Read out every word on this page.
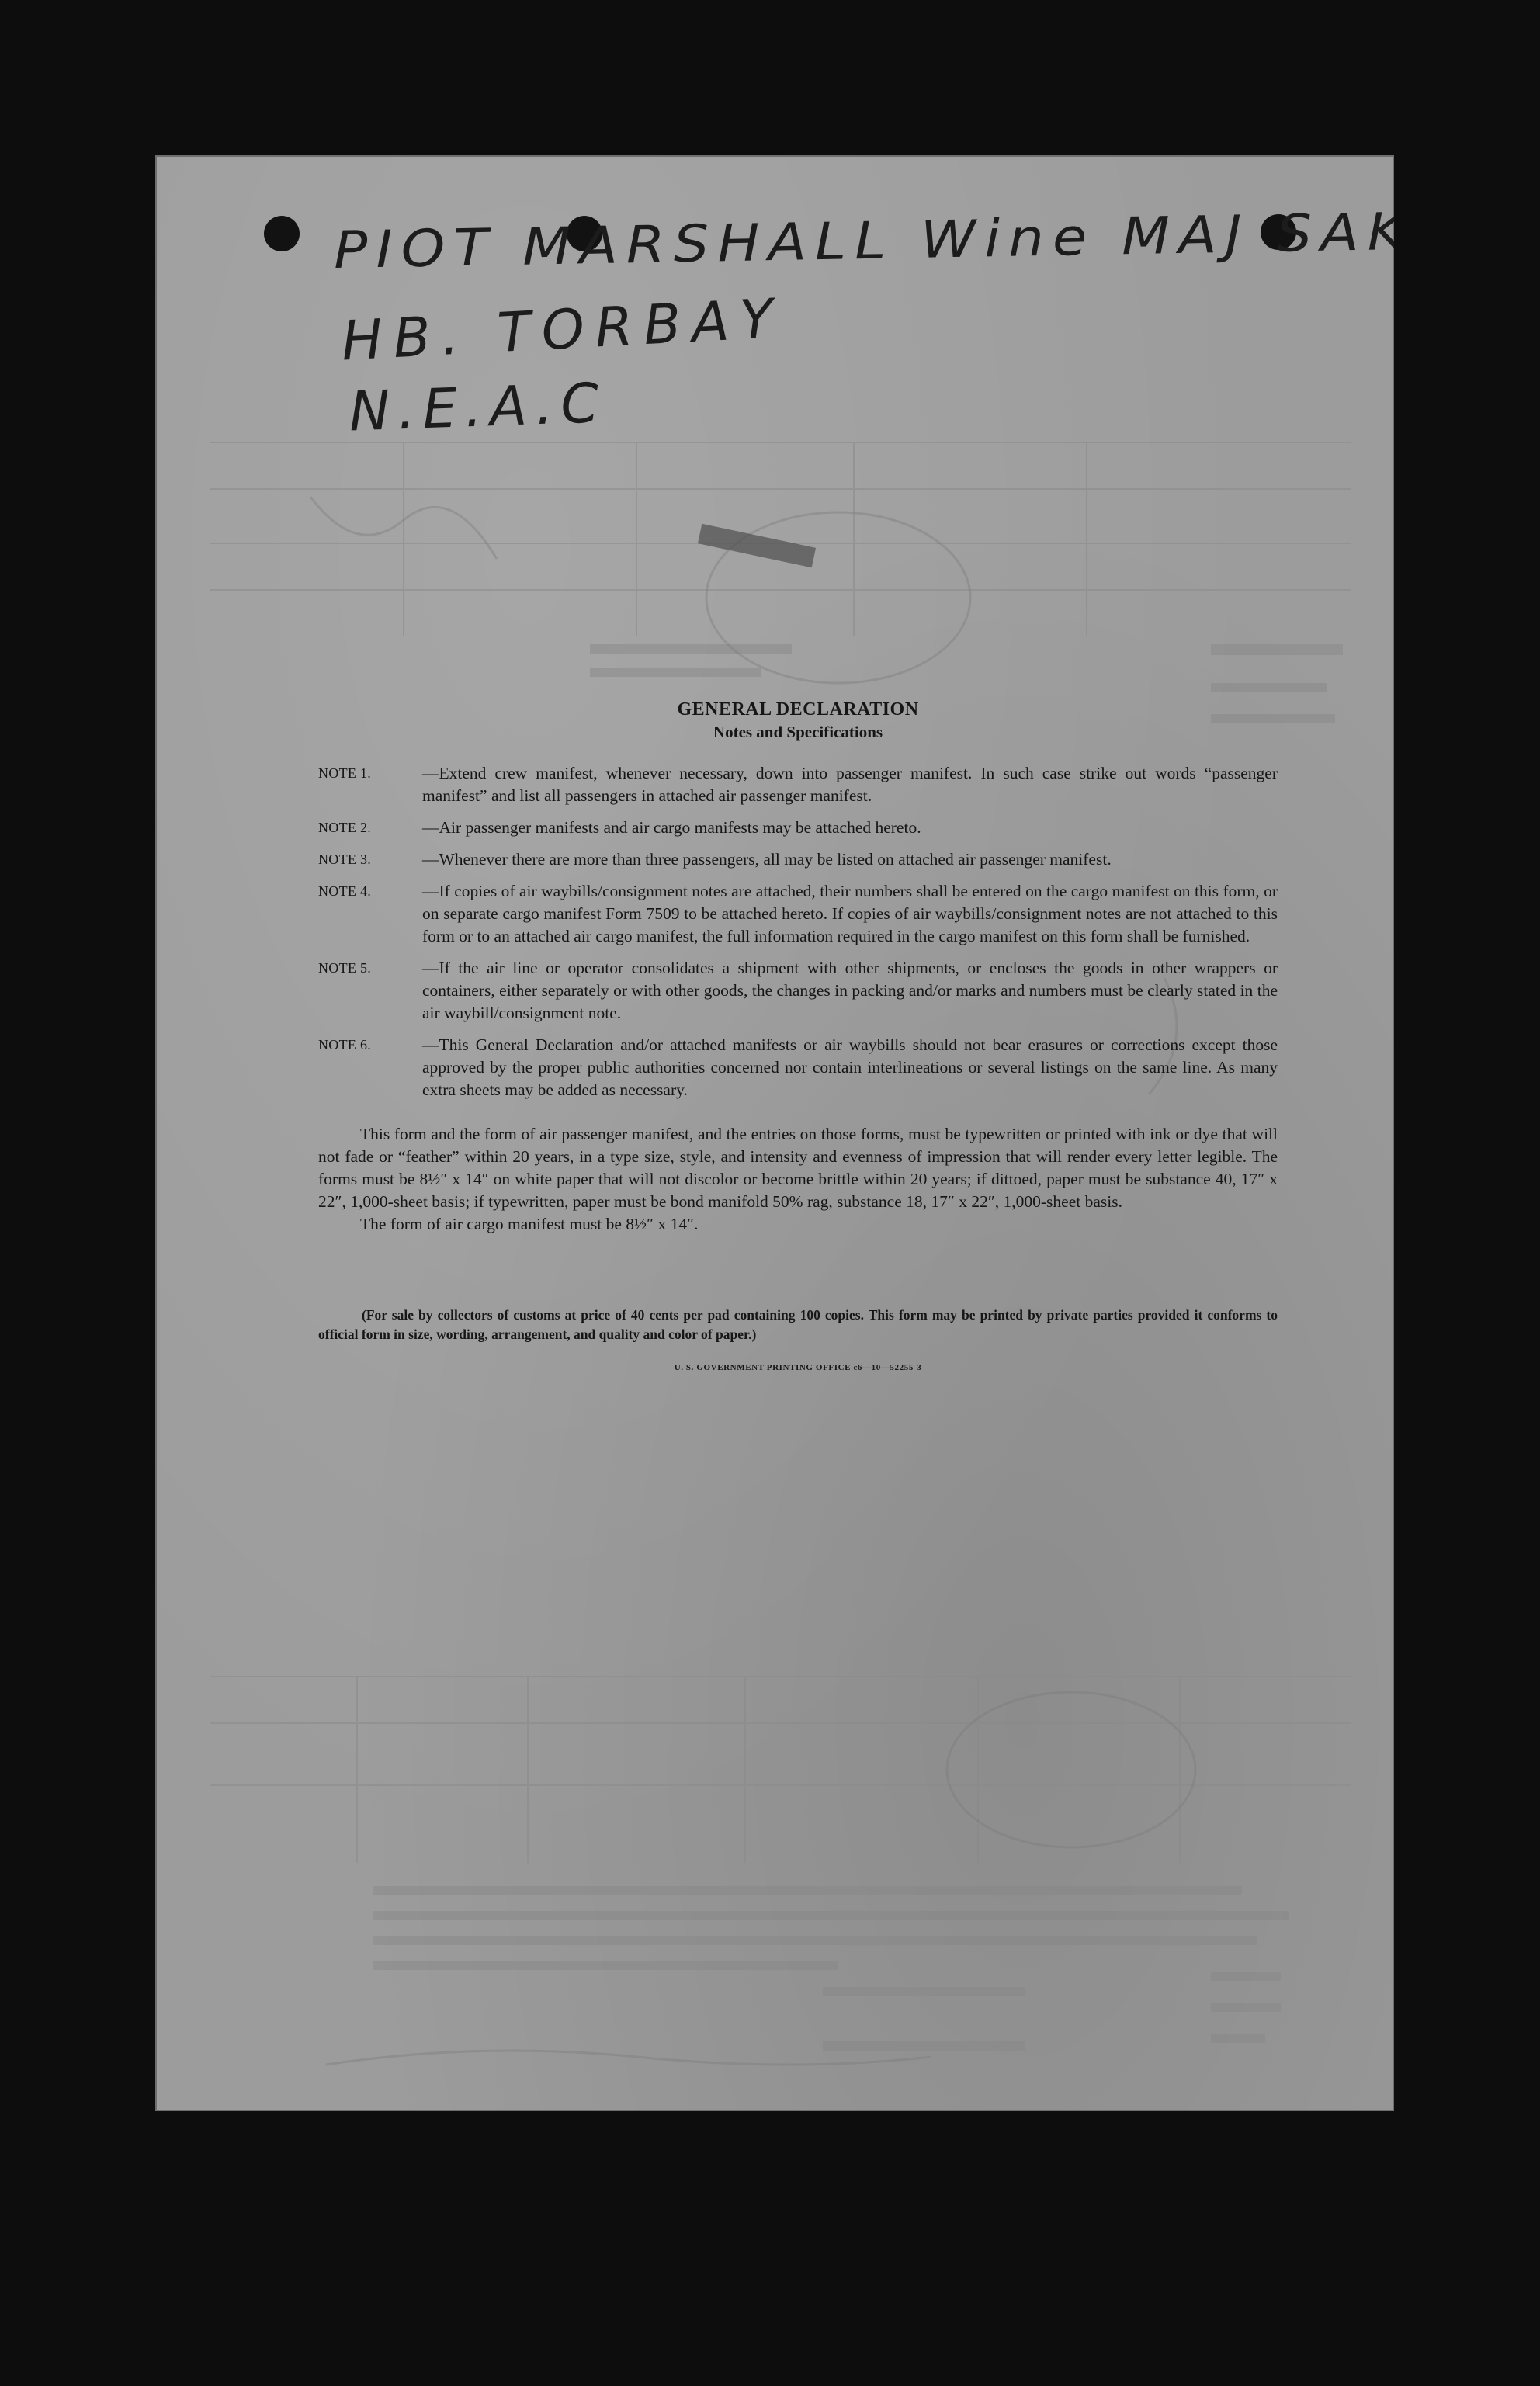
PIOT MARSHALL Wine MAJ SAK
HB. TORBAY
N.E.A.C
GENERAL DECLARATION
Notes and Specifications
NOTE 1.	—Extend crew manifest, whenever necessary, down into passenger manifest. In such case strike out words “passenger manifest” and list all passengers in attached air passenger manifest.
NOTE 2.	—Air passenger manifests and air cargo manifests may be attached hereto.
NOTE 3.	—Whenever there are more than three passengers, all may be listed on attached air passenger manifest.
NOTE 4.	—If copies of air waybills/consignment notes are attached, their numbers shall be entered on the cargo manifest on this form, or on separate cargo manifest Form 7509 to be attached hereto. If copies of air waybills/consignment notes are not attached to this form or to an attached air cargo manifest, the full information required in the cargo manifest on this form shall be furnished.
NOTE 5.	—If the air line or operator consolidates a shipment with other shipments, or encloses the goods in other wrappers or containers, either separately or with other goods, the changes in packing and/or marks and numbers must be clearly stated in the air waybill/consignment note.
NOTE 6.	—This General Declaration and/or attached manifests or air waybills should not bear erasures or corrections except those approved by the proper public authorities concerned nor contain interlineations or several listings on the same line. As many extra sheets may be added as necessary.

This form and the form of air passenger manifest, and the entries on those forms, must be typewritten or printed with ink or dye that will not fade or “feather” within 20 years, in a type size, style, and intensity and evenness of impression that will render every letter legible. The forms must be 8½″ x 14″ on white paper that will not discolor or become brittle within 20 years; if dittoed, paper must be substance 40, 17″ x 22″, 1,000-sheet basis; if typewritten, paper must be bond manifold 50% rag, substance 18, 17″ x 22″, 1,000-sheet basis.

The form of air cargo manifest must be 8½″ x 14″.

(For sale by collectors of customs at price of 40 cents per pad containing 100 copies. This form may be printed by private parties provided it conforms to official form in size, wording, arrangement, and quality and color of paper.)

U. S. GOVERNMENT PRINTING OFFICE c6—10—52255-3
